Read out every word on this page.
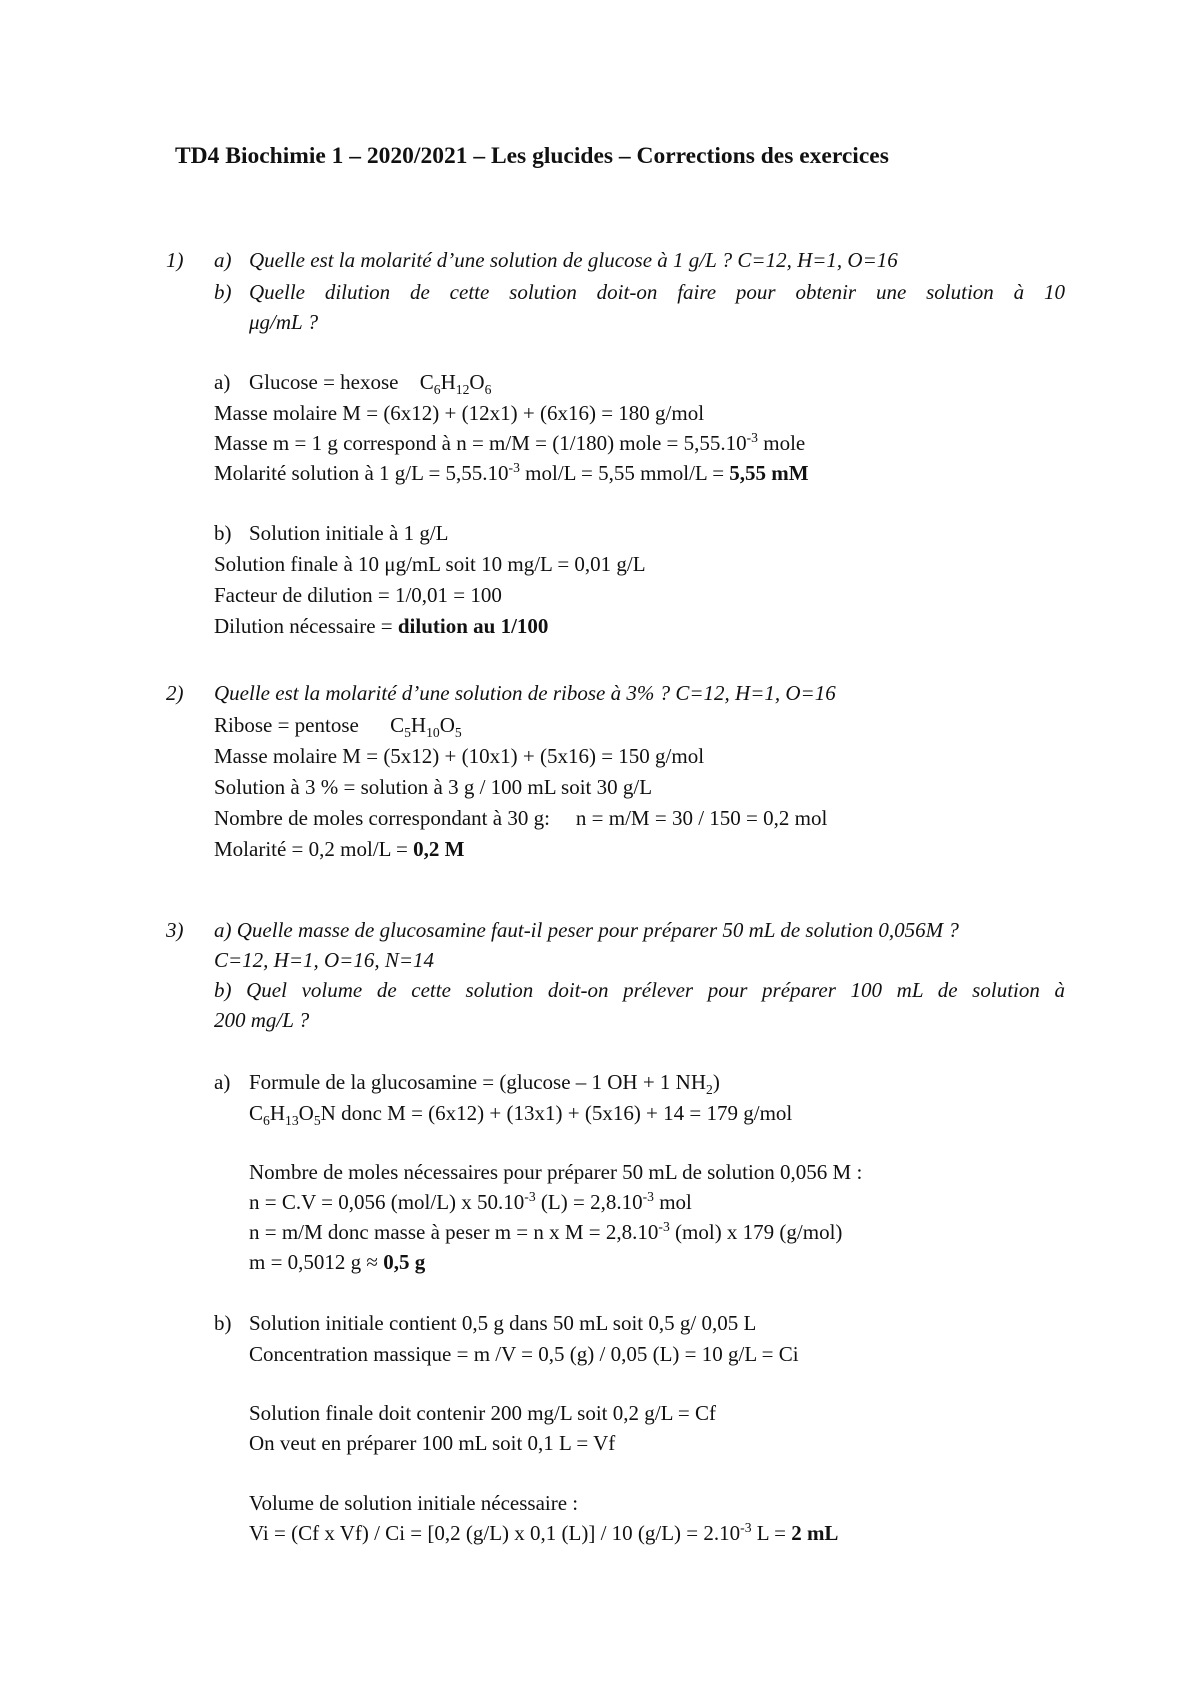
TD4 Biochimie 1 – 2020/2021 – Les glucides – Corrections des exercices
1) a) Quelle est la molarité d’une solution de glucose à 1 g/L ? C=12, H=1, O=16
b) Quelle dilution de cette solution doit-on faire pour obtenir une solution à 10
μg/mL ?
a) Glucose = hexose $C_6H_{12}O_6$
Masse molaire M = (6x12) + (12x1) + (6x16) = 180 g/mol
Masse m = 1 g correspond à n = m/M = (1/180) mole = $5,55.10^{-3}$ mole
Molarité solution à 1 $g/L = 5,55.10^{-3}$ mol/L = 5,55 mmol/L = 5,55 mM
b) Solution initiale à 1 g/L
Solution finale à 10 μg/mL soit 10 mg/L = 0,01 g/L
Facteur de dilution = 1/0,01 = 100
Dilution nécessaire = dilution au 1/100
2) Quelle est la molarité d’une solution de ribose à 3% ? C=12, H=1, O=16
Ribose = pentose $C_5H_{10}O_5$
Masse molaire M = (5x12) + (10x1) + (5x16) = 150 g/mol
Solution à 3 % = solution à 3 g / 100 mL soit 30 g/L
Nombre de moles correspondant à 30 g: n = m/M = 30 / 150 = 0,2 mol
Molarité = 0,2 mol/L = 0,2 M
3) a) Quelle masse de glucosamine faut-il peser pour préparer 50 mL de solution 0,056M ?
C=12, H=1, O=16, N=14
b) Quel volume de cette solution doit-on prélever pour préparer 100 mL de solution à
200 mg/L ?
a) Formule de la glucosamine = (glucose – 1 OH + 1 $NH_2$)
$C_6H_{13}O_5N$ donc M = (6x12) + (13x1) + (5x16) + 14 = 179 g/mol
Nombre de moles nécessaires pour préparer 50 mL de solution 0,056 M :
n = C.V = 0,056 (mol/L) x $50.10^{-3}$ $(L) = 2,8.10^{-3}$ mol
n = m/M donc masse à peser m = n x $M = 2,8.10^{-3}$ (mol) x 179 (g/mol)
m = 0,5012 g ≈ 0,5 g
b) Solution initiale contient 0,5 g dans 50 mL soit 0,5 g/ 0,05 L
Concentration massique = m /V = 0,5 (g) / 0,05 (L) = 10 g/L = Ci
Solution finale doit contenir 200 mg/L soit 0,2 g/L = Cf
On veut en préparer 100 mL soit 0,1 L = Vf
Volume de solution initiale nécessaire :
Vi = (Cf x Vf) / Ci = [0,2 (g/L) x 0,1 (L)] / 10 $(g/L) = 2.10^{-3}$ L = 2 mL
